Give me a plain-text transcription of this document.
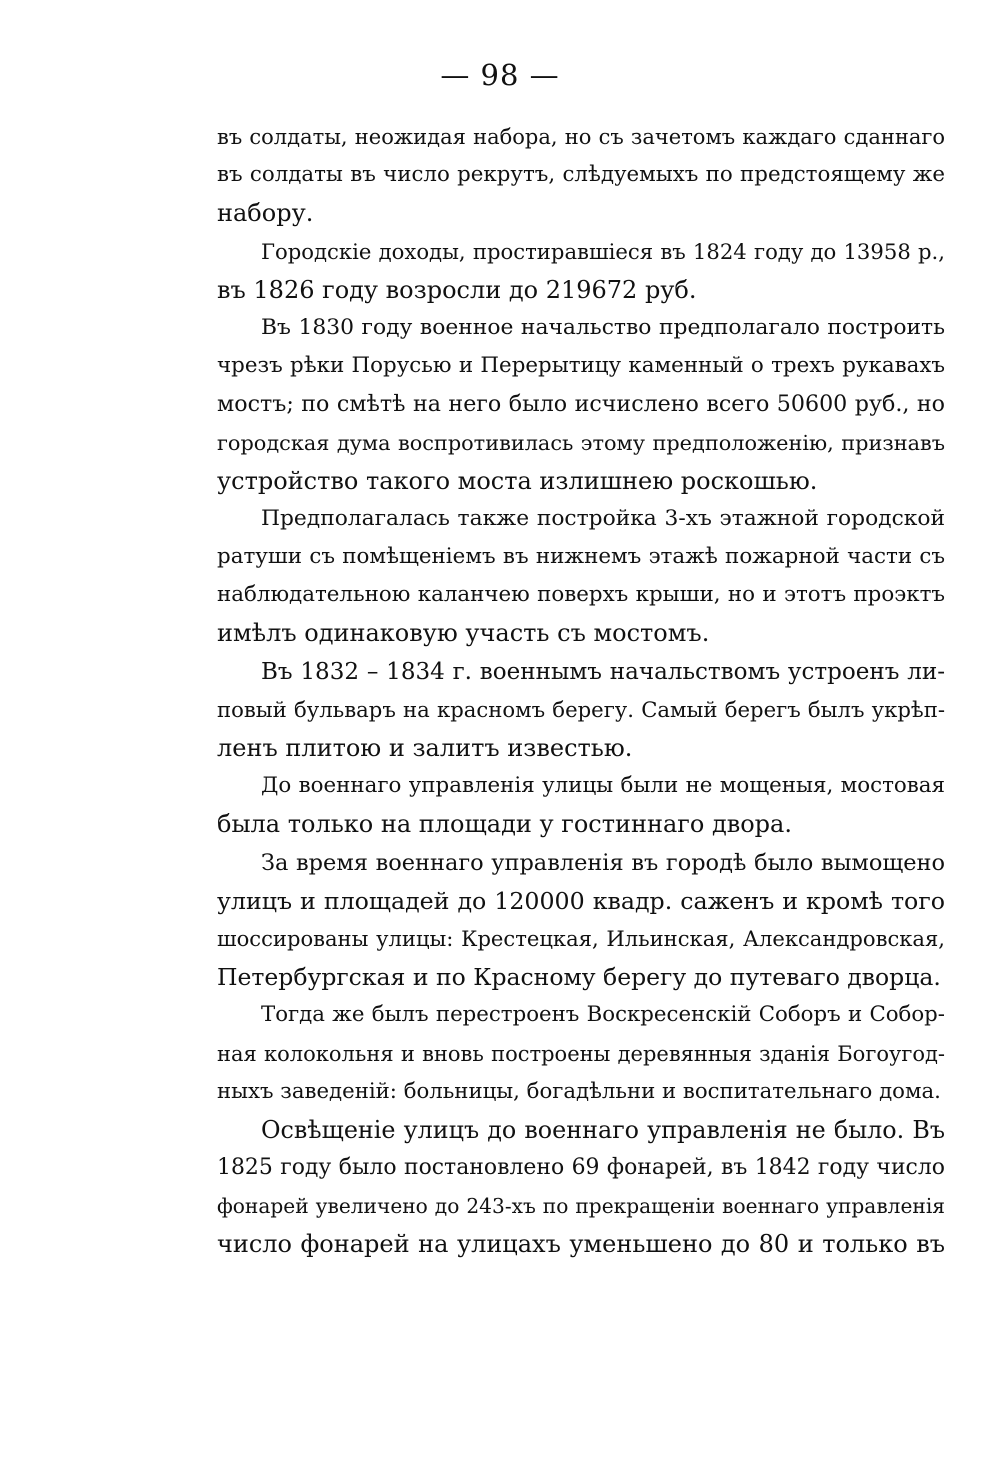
— 98 —
въ солдаты, неожидая набора, но съ зачетомъ каждаго сданнаго
въ солдаты въ число рекрутъ, слѣдуемыхъ по предстоящему же
набору.
Городскіе доходы, простиравшіеся въ 1824 году до 13958 р.,
въ 1826 году возросли до 219672 руб.
Въ 1830 году военное начальство предполагало построить
чрезъ рѣки Порусью и Перерытицу каменный о трехъ рукавахъ
мостъ; по смѣтѣ на него было исчислено всего 50600 руб., но
городская дума воспротивилась этому предположенію, признавъ
устройство такого моста излишнею роскошью.
Предполагалась также постройка 3-хъ этажной городской
ратуши съ помѣщеніемъ въ нижнемъ этажѣ пожарной части съ
наблюдательною каланчею поверхъ крыши, но и этотъ проэктъ
имѣлъ одинаковую участь съ мостомъ.
Въ 1832 – 1834 г. военнымъ начальствомъ устроенъ ли-
повый бульваръ на красномъ берегу. Самый берегъ былъ укрѣп-
ленъ плитою и залитъ известью.
До военнаго управленія улицы были не мощеныя, мостовая
была только на площади у гостиннаго двора.
За время военнаго управленія въ городѣ было вымощено
улицъ и площадей до 120000 квадр. саженъ и кромѣ того
шоссированы улицы: Крестецкая, Ильинская, Александровская,
Петербургская и по Красному берегу до путеваго дворца.
Тогда же былъ перестроенъ Воскресенскій Соборъ и Собор-
ная колокольня и вновь построены деревянныя зданія Богоугод-
ныхъ заведеній: больницы, богадѣльни и воспитательнаго дома.
Освѣщеніе улицъ до военнаго управленія не было. Въ
1825 году было постановлено 69 фонарей, въ 1842 году число
фонарей увеличено до 243-хъ по прекращеніи военнаго управленія
число фонарей на улицахъ уменьшено до 80 и только въ
